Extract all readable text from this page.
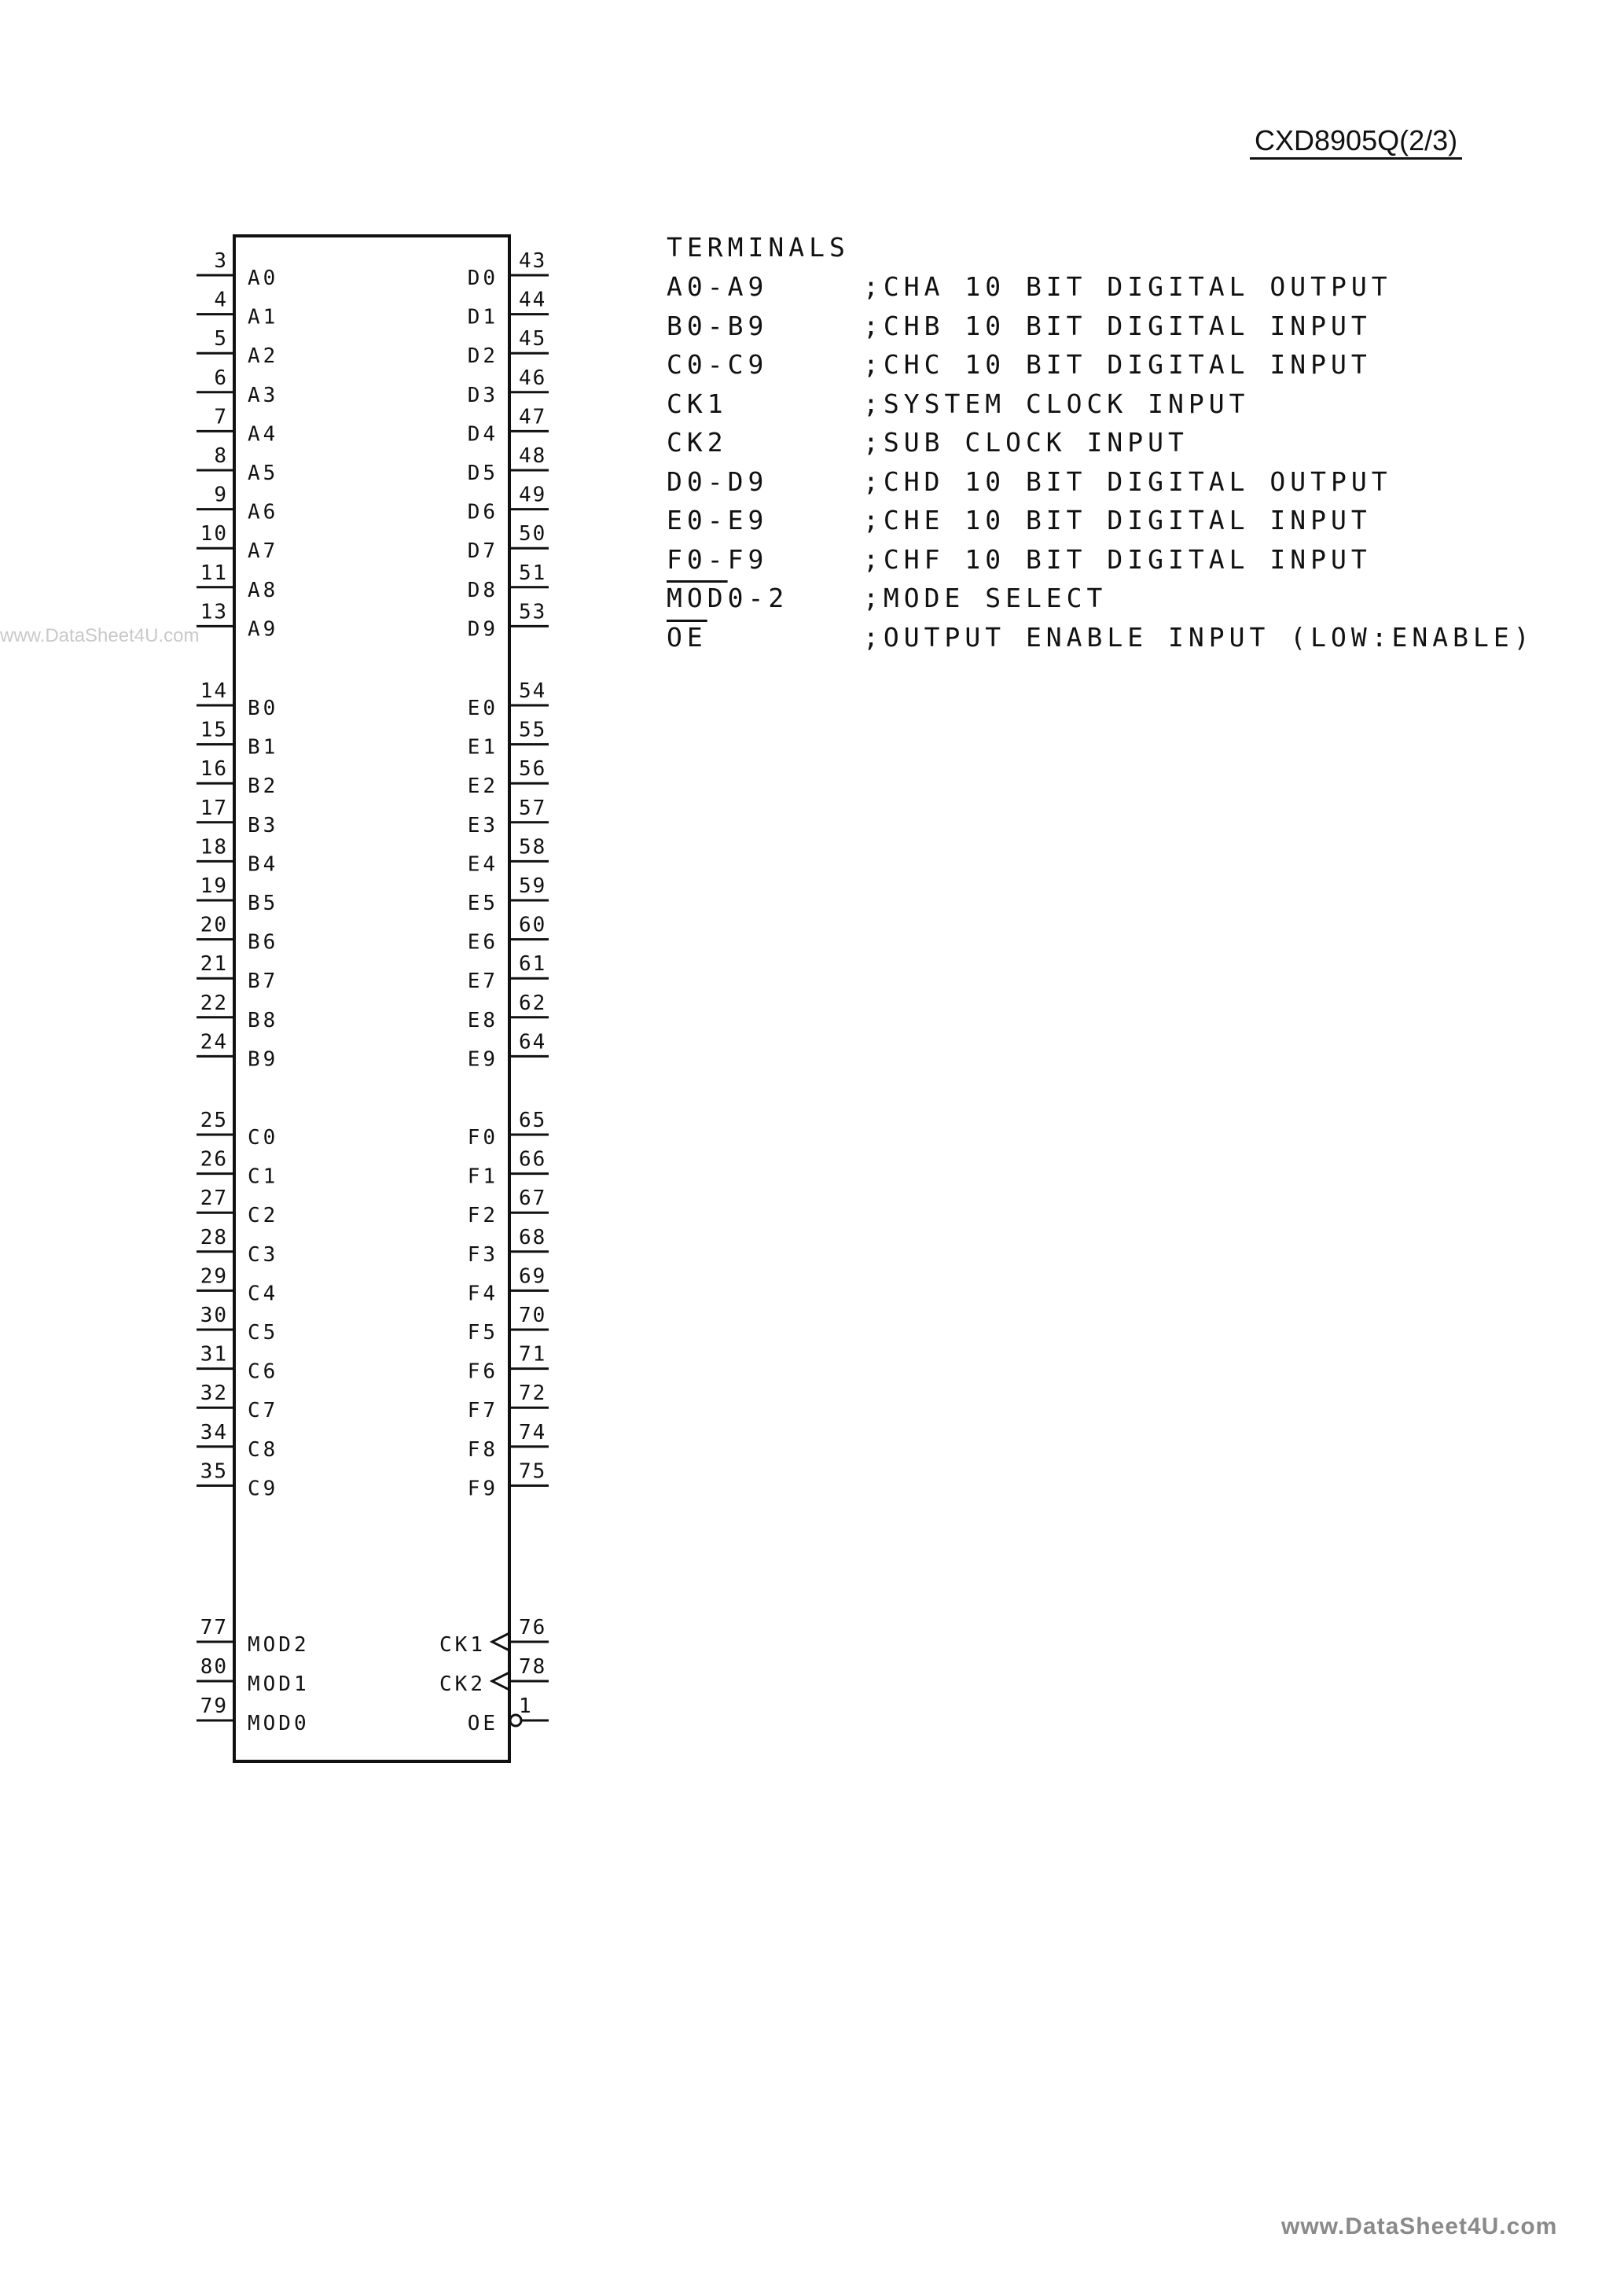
CXD8905Q(2/3)
www.DataSheet4U.com
3
A0
4
A1
5
A2
6
A3
7
A4
8
A5
9
A6
10
A7
11
A8
13
A9
14
B0
15
B1
16
B2
17
B3
18
B4
19
B5
20
B6
21
B7
22
B8
24
B9
25
C0
26
C1
27
C2
28
C3
29
C4
30
C5
31
C6
32
C7
34
C8
35
C9
77
MOD2
80
MOD1
79
MOD0
43
D0
44
D1
45
D2
46
D3
47
D4
48
D5
49
D6
50
D7
51
D8
53
D9
54
E0
55
E1
56
E2
57
E3
58
E4
59
E5
60
E6
61
E7
62
E8
64
E9
65
F0
66
F1
67
F2
68
F3
69
F4
70
F5
71
F6
72
F7
74
F8
75
F9
76
CK1
78
CK2
1
OE
TERMINALS
A0-A9	;CHA 10 BIT DIGITAL OUTPUT
B0-B9	;CHB 10 BIT DIGITAL INPUT
C0-C9	;CHC 10 BIT DIGITAL INPUT
CK1	;SYSTEM CLOCK INPUT
CK2	;SUB CLOCK INPUT
D0-D9	;CHD 10 BIT DIGITAL OUTPUT
E0-E9	;CHE 10 BIT DIGITAL INPUT
F0-F9	;CHF 10 BIT DIGITAL INPUT
$\overline{MOD}0-2$	;MODE SELECT
$\overline{OE}$	;OUTPUT ENABLE INPUT (LOW:ENABLE)
www.DataSheet4U.com
